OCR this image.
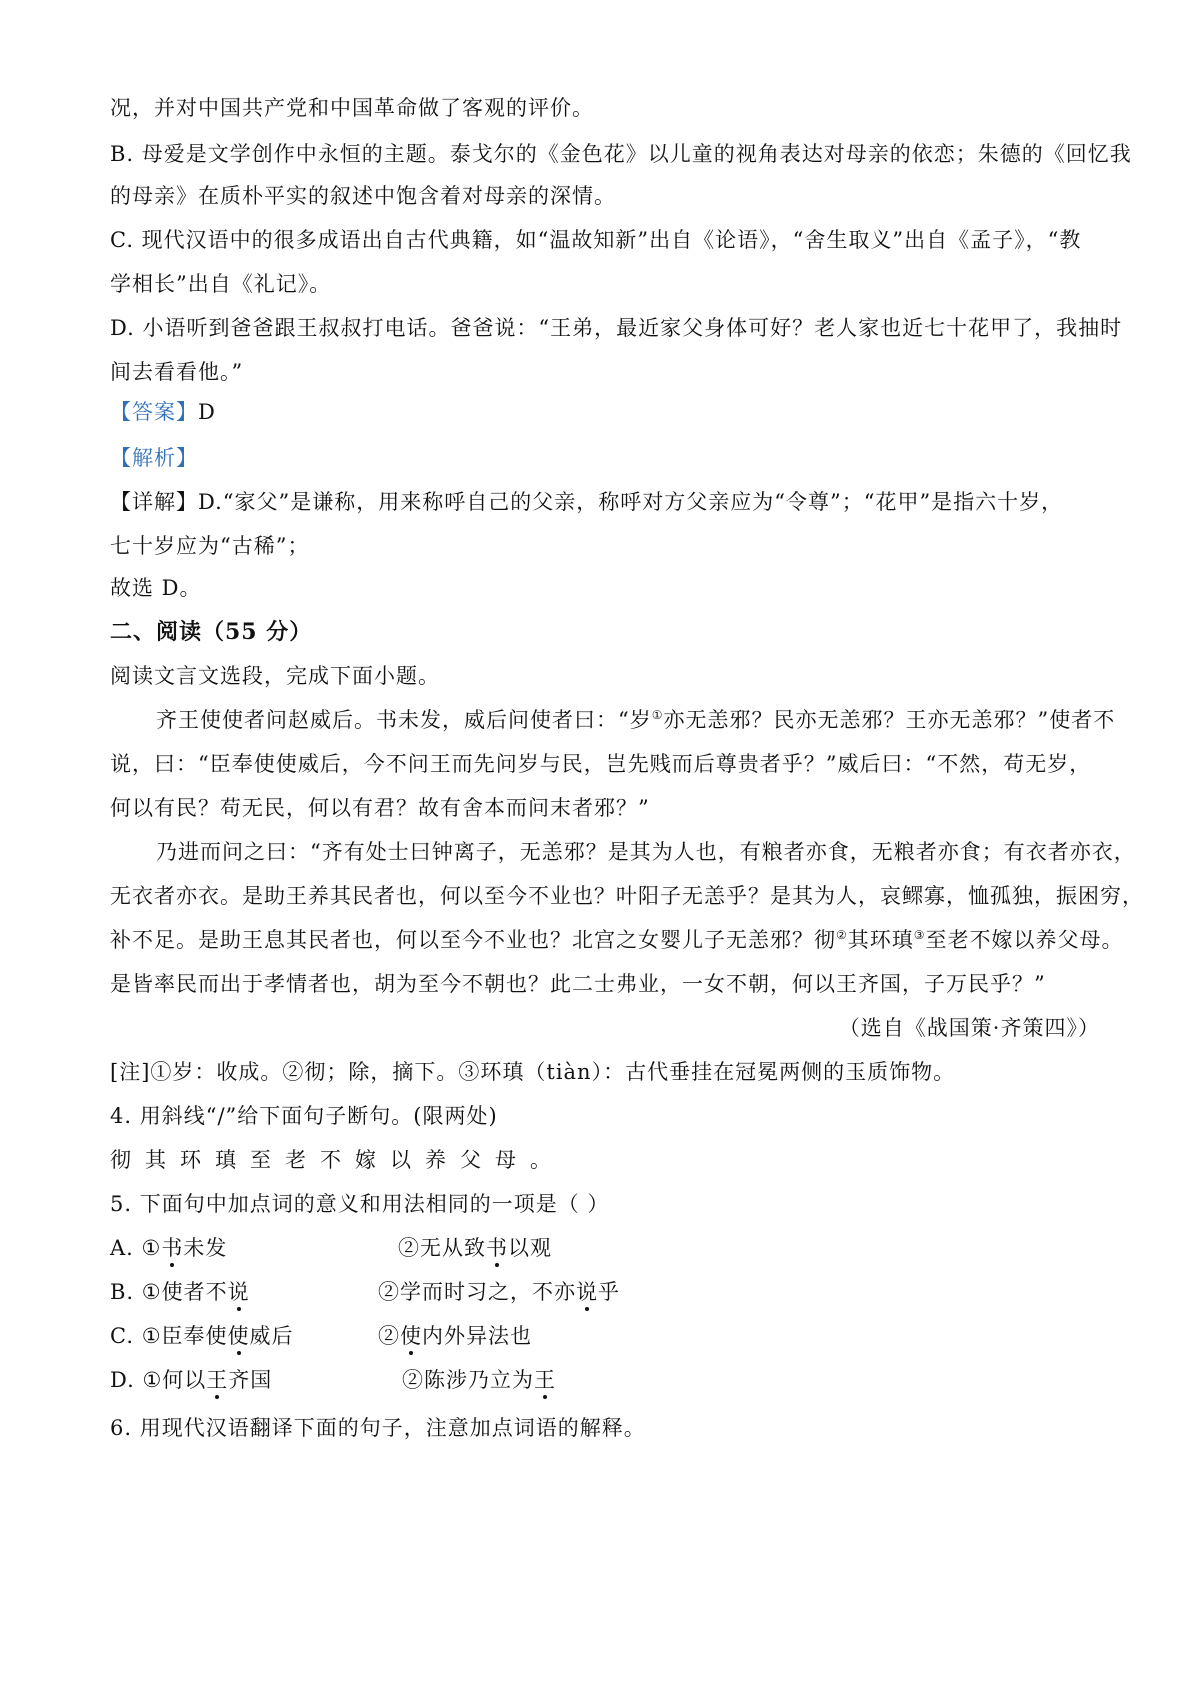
况，并对中国共产党和中国革命做了客观的评价。
B. 母爱是文学创作中永恒的主题。泰戈尔的《金色花》以儿童的视角表达对母亲的依恋；朱德的《回忆我
的母亲》在质朴平实的叙述中饱含着对母亲的深情。
C. 现代汉语中的很多成语出自古代典籍，如“温故知新”出自《论语》，“舍生取义”出自《孟子》，“教
学相长”出自《礼记》。
D. 小语听到爸爸跟王叔叔打电话。爸爸说：“王弟，最近家父身体可好？老人家也近七十花甲了，我抽时
间去看看他。”
【答案】D
【解析】
【详解】D.“家父”是谦称，用来称呼自己的父亲，称呼对方父亲应为“令尊”；“花甲”是指六十岁，
七十岁应为“古稀”；
故选 D。
二、阅读（55 分）
阅读文言文选段，完成下面小题。
齐王使使者问赵威后。书未发，威后问使者曰：“岁①亦无恙邪？民亦无恙邪？王亦无恙邪？”使者不
说，曰：“臣奉使使威后，今不问王而先问岁与民，岂先贱而后尊贵者乎？”威后曰：“不然，苟无岁，
何以有民？苟无民，何以有君？故有舍本而问末者邪？”
乃进而问之曰：“齐有处士曰钟离子，无恙邪？是其为人也，有粮者亦食，无粮者亦食；有衣者亦衣，
无衣者亦衣。是助王养其民者也，何以至今不业也？叶阳子无恙乎？是其为人，哀鳏寡，恤孤独，振困穷，
补不足。是助王息其民者也，何以至今不业也？北宫之女婴儿子无恙邪？彻②其环瑱③至老不嫁以养父母。
是皆率民而出于孝情者也，胡为至今不朝也？此二士弗业，一女不朝，何以王齐国，子万民乎？”
（选自《战国策·齐策四》）
[注]①岁：收成。②彻；除，摘下。③环瑱（tiàn）：古代垂挂在冠冕两侧的玉质饰物。
4. 用斜线“/”给下面句子断句。(限两处)
彻其环瑱至老不嫁以养父母。
5. 下面句中加点词的意义和用法相同的一项是（ ）
A. ①书未发	②无从致书以观
B. ①使者不说	②学而时习之，不亦说乎
C. ①臣奉使使威后	②使内外异法也
D. ①何以王齐国	②陈涉乃立为王
6. 用现代汉语翻译下面的句子，注意加点词语的解释。
